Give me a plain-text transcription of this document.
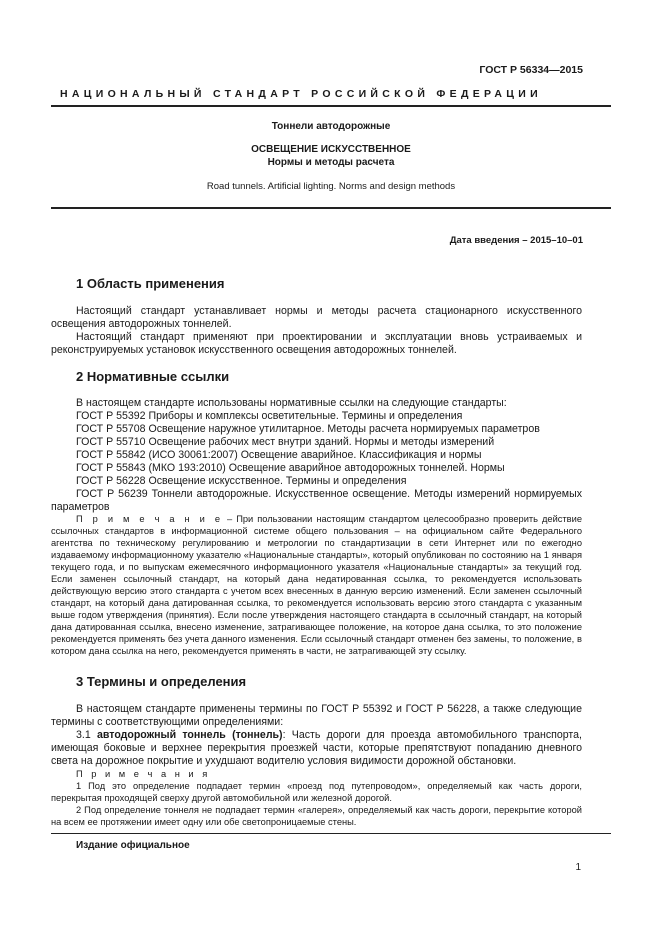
ГОСТ Р 56334—2015
НАЦИОНАЛЬНЫЙ СТАНДАРТ РОССИЙСКОЙ ФЕДЕРАЦИИ
Тоннели автодорожные
ОСВЕЩЕНИЕ ИСКУССТВЕННОЕ
Нормы и методы расчета
Road tunnels. Artificial lighting. Norms and design methods
Дата введения – 2015–10–01
1 Область применения
Настоящий стандарт устанавливает нормы и методы расчета стационарного искусственного освещения автодорожных тоннелей.
Настоящий стандарт применяют при проектировании и эксплуатации вновь устраиваемых и реконструируемых установок искусственного освещения автодорожных тоннелей.
2 Нормативные ссылки
В настоящем стандарте использованы нормативные ссылки на следующие стандарты:
ГОСТ Р 55392 Приборы и комплексы осветительные. Термины и определения
ГОСТ Р 55708 Освещение наружное утилитарное. Методы расчета нормируемых параметров
ГОСТ Р 55710 Освещение рабочих мест внутри зданий. Нормы и методы измерений
ГОСТ Р 55842 (ИСО 30061:2007) Освещение аварийное. Классификация и нормы
ГОСТ Р 55843 (МКО 193:2010) Освещение аварийное автодорожных тоннелей. Нормы
ГОСТ Р 56228 Освещение искусственное. Термины и определения
ГОСТ Р 56239 Тоннели автодорожные. Искусственное освещение. Методы измерений нормируемых параметров
П р и м е ч а н и е – При пользовании настоящим стандартом целесообразно проверить действие ссылочных стандартов в информационной системе общего пользования – на официальном сайте Федерального агентства по техническому регулированию и метрологии по стандартизации в сети Интернет или по ежегодно издаваемому информационному указателю «Национальные стандарты», который опубликован по состоянию на 1 января текущего года, и по выпускам ежемесячного информационного указателя «Национальные стандарты» за текущий год. Если заменен ссылочный стандарт, на который дана недатированная ссылка, то рекомендуется использовать действующую версию этого стандарта с учетом всех внесенных в данную версию изменений. Если заменен ссылочный стандарт, на который дана датированная ссылка, то рекомендуется использовать версию этого стандарта с указанным выше годом утверждения (принятия). Если после утверждения настоящего стандарта в ссылочный стандарт, на который дана датированная ссылка, внесено изменение, затрагивающее положение, на которое дана ссылка, то это положение рекомендуется применять без учета данного изменения. Если ссылочный стандарт отменен без замены, то положение, в котором дана ссылка на него, рекомендуется применять в части, не затрагивающей эту ссылку.
3 Термины и определения
В настоящем стандарте применены термины по ГОСТ Р 55392 и ГОСТ Р 56228, а также следующие термины с соответствующими определениями:
3.1 автодорожный тоннель (тоннель): Часть дороги для проезда автомобильного транспорта, имеющая боковые и верхнее перекрытия проезжей части, которые препятствуют попаданию дневного света на дорожное покрытие и ухудшают водителю условия видимости дорожной обстановки.
П р и м е ч а н и я
1 Под это определение подпадает термин «проезд под путепроводом», определяемый как часть дороги, перекрытая проходящей сверху другой автомобильной или железной дорогой.
2 Под определение тоннеля не подпадает термин «галерея», определяемый как часть дороги, перекрытие которой на всем ее протяжении имеет одну или обе светопроницаемые стены.
Издание официальное
1
